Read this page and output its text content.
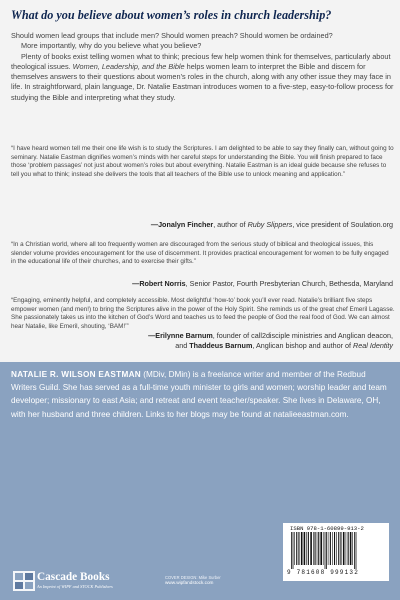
What do you believe about women’s roles in church leadership?

Should women lead groups that include men? Should women preach? Should women be ordained?

More importantly, why do you believe what you believe?

Plenty of books exist telling women what to think; precious few help women think for themselves, particularly about theological issues. Women, Leadership, and the Bible helps women learn to interpret the Bible and discern for themselves answers to their questions about women’s roles in the church, along with any other issue they may face in life. In straightforward, plain language, Dr. Natalie Eastman introduces women to a five-step, easy-to-follow process for studying the Bible and interpreting what they study.

“I have heard women tell me their one life wish is to study the Scriptures. I am delighted to be able to say they finally can, without going to seminary. Natalie Eastman dignifies women’s minds with her careful steps for understanding the Bible. You will finish prepared to face those ‘problem passages’ not just about women’s roles but about everything. Natalie Eastman is an ideal guide because she refuses to tell you what to think; instead she delivers the tools that all teachers of the Bible use to unlock meaning and application.”

—Jonalyn Fincher, author of Ruby Slippers, vice president of Soulation.org

“In a Christian world, where all too frequently women are discouraged from the serious study of biblical and theological issues, this slender volume provides encouragement for the use of discernment. It provides practical encouragement for women to be fully engaged in the educational life of their churches, and to exercise their gifts.”

—Robert Norris, Senior Pastor, Fourth Presbyterian Church, Bethesda, Maryland

“Engaging, eminently helpful, and completely accessible. Most delightful ‘how-to’ book you’ll ever read. Natalie’s brilliant five steps empower women (and men!) to bring the Scriptures alive in the power of the Holy Spirit. She reminds us of the great chef Emeril Lagasse. She passionately takes us into the kitchen of God’s Word and teaches us to feed the people of God the real food of God. We can almost hear Natalie, like Emeril, shouting, ‘BAM!’”

—Erilynne Barnum, founder of call2disciple ministries and Anglican deacon,
and Thaddeus Barnum, Anglican bishop and author of Real Identity
NATALIE R. WILSON EASTMAN (MDiv, DMin) is a freelance writer and member of the Redbud Writers Guild. She has served as a full-time youth minister to girls and women; worship leader and team developer; missionary to east Asia; and retreat and event teacher/speaker. She lives in Delaware, OH, with her husband and three children. Links to her blogs may be found at natalieeastman.com.
Cascade Books
An Imprint of WIPF and STOCK Publishers
COVER DESIGN: Mike Surber
www.wipfandstock.com
ISBN 978-1-60899-913-2
9 781608 999132
